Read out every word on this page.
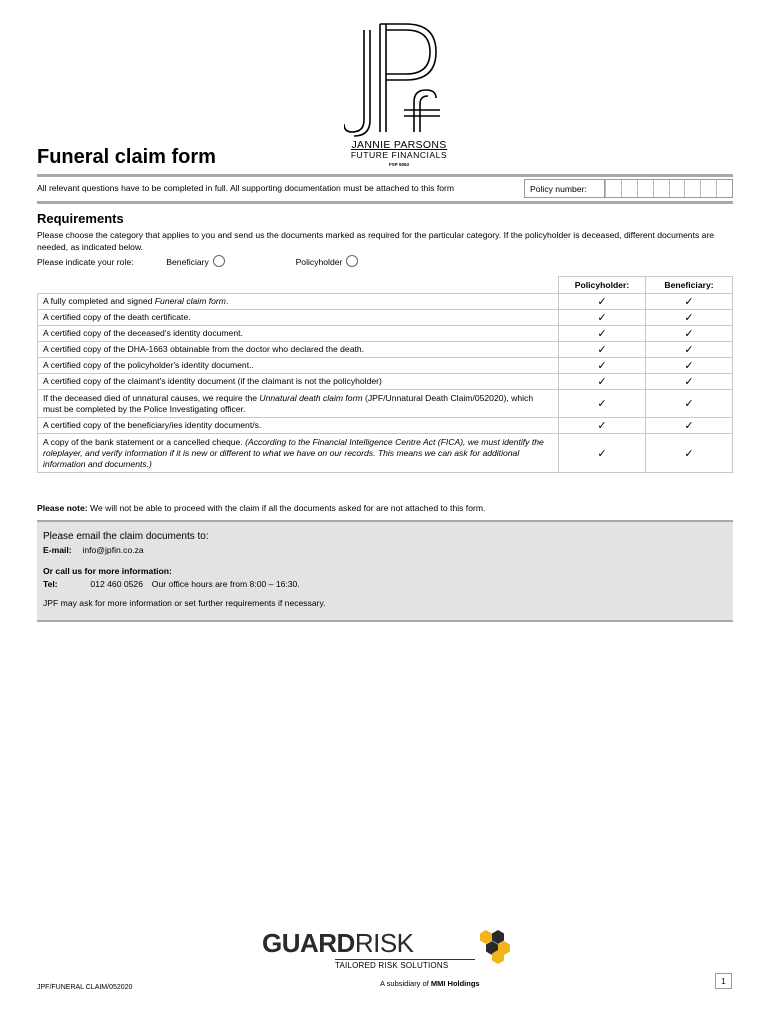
JANNIE PARSONS
FUTURE FINANCIALS
FSP 5053
Funeral claim form
All relevant questions have to be completed in full. All supporting documentation must be attached to this form	Policy number:
Requirements
Please choose the category that applies to you and send us the documents marked as required for the particular category. If the policyholder is deceased, different documents are needed, as indicated below.
Please indicate your role:	Beneficiary	Policyholder
	Policyholder:	Beneficiary:
A fully completed and signed Funeral claim form.	✓	✓
A certified copy of the death certificate.	✓	✓
A certified copy of the deceased's identity document.	✓	✓
A certified copy of the DHA-1663 obtainable from the doctor who declared the death.	✓	✓
A certified copy of the policyholder's identity document..	✓	✓
A certified copy of the claimant's identity document (if the claimant is not the policyholder)	✓	✓
If the deceased died of unnatural causes, we require the Unnatural death claim form (JPF/Unnatural Death Claim/052020), which must be completed by the Police Investigating officer.	✓	✓
A certified copy of the beneficiary/ies identity document/s.	✓	✓
A copy of the bank statement or a cancelled cheque. (According to the Financial Intelligence Centre Act (FICA), we must identify the roleplayer, and verify information if it is new or different to what we have on our records. This means we can ask for additional information and documents.)	✓	✓
Please note: We will not be able to proceed with the claim if all the documents asked for are not attached to this form.
Please email the claim documents to:
E-mail: info@jpfin.co.za
Or call us for more information:
Tel:	012 460 0526 Our office hours are from 8:00 – 16:30.
JPF may ask for more information or set further requirements if necessary.
GUARDRISK
TAILORED RISK SOLUTIONS
A subsidiary of MMI Holdings
JPF/FUNERAL CLAIM/052020
1
